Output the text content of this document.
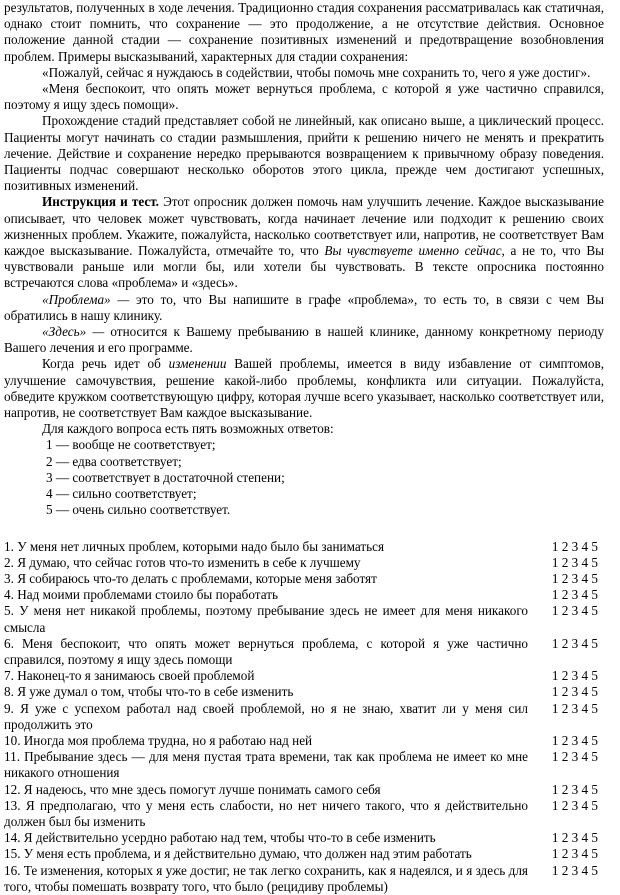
результатов, полученных в ходе лечения. Традиционно стадия сохранения рассматривалась как статичная, однако стоит помнить, что сохранение — это продолжение, а не отсутствие действия. Основное положение данной стадии — сохранение позитивных изменений и предотвращение возобновления проблем. Примеры высказываний, характерных для стадии сохранения:

«Пожалуй, сейчас я нуждаюсь в содействии, чтобы помочь мне сохранить то, чего я уже достиг».

«Меня беспокоит, что опять может вернуться проблема, с которой я уже частично справился, поэтому я ищу здесь помощи».

Прохождение стадий представляет собой не линейный, как описано выше, а циклический процесс. Пациенты могут начинать со стадии размышления, прийти к решению ничего не менять и прекратить лечение. Действие и сохранение нередко прерываются возвращением к привычному образу поведения. Пациенты подчас совершают несколько оборотов этого цикла, прежде чем достигают успешных, позитивных изменений.

Инструкция и тест. Этот опросник должен помочь нам улучшить лечение. Каждое высказывание описывает, что человек может чувствовать, когда начинает лечение или подходит к решению своих жизненных проблем. Укажите, пожалуйста, насколько соответствует или, напротив, не соответствует Вам каждое высказывание. Пожалуйста, отмечайте то, что Вы чувствуете именно сейчас, а не то, что Вы чувствовали раньше или могли бы, или хотели бы чувствовать. В тексте опросника постоянно встречаются слова «проблема» и «здесь».

«Проблема» — это то, что Вы напишите в графе «проблема», то есть то, в связи с чем Вы обратились в нашу клинику.

«Здесь» — относится к Вашему пребыванию в нашей клинике, данному конкретному периоду Вашего лечения и его программе.

Когда речь идет об изменении Вашей проблемы, имеется в виду избавление от симптомов, улучшение самочувствия, решение какой-либо проблемы, конфликта или ситуации. Пожалуйста, обведите кружком соответствующую цифру, которая лучше всего указывает, насколько соответствует или, напротив, не соответствует Вам каждое высказывание.

Для каждого вопроса есть пять возможных ответов:

1 — вообще не соответствует;
2 — едва соответствует;
3 — соответствует в достаточной степени;
4 — сильно соответствует;
5 — очень сильно соответствует.
1. У меня нет личных проблем, которыми надо было бы заниматься	1 2 3 4 5
2. Я думаю, что сейчас готов что-то изменить в себе к лучшему	1 2 3 4 5
3. Я собираюсь что-то делать с проблемами, которые меня заботят	1 2 3 4 5
4. Над моими проблемами стоило бы поработать	1 2 3 4 5
5. У меня нет никакой проблемы, поэтому пребывание здесь не имеет для меня никакого смысла
1 2 3 4 5
6. Меня беспокоит, что опять может вернуться проблема, с которой я уже частично справился, поэтому я ищу здесь помощи
1 2 3 4 5
7. Наконец-то я занимаюсь своей проблемой	1 2 3 4 5
8. Я уже думал о том, чтобы что-то в себе изменить	1 2 3 4 5
9. Я уже с успехом работал над своей проблемой, но я не знаю, хватит ли у меня сил продолжить это
1 2 3 4 5
10. Иногда моя проблема трудна, но я работаю над ней	1 2 3 4 5
11. Пребывание здесь — для меня пустая трата времени, так как проблема не имеет ко мне никакого отношения
1 2 3 4 5
12. Я надеюсь, что мне здесь помогут лучше понимать самого себя	1 2 3 4 5
13. Я предполагаю, что у меня есть слабости, но нет ничего такого, что я действительно должен был бы изменить
1 2 3 4 5
14. Я действительно усердно работаю над тем, чтобы что-то в себе изменить	1 2 3 4 5
15. У меня есть проблема, и я действительно думаю, что должен над этим работать	1 2 3 4 5
16. Те изменения, которых я уже достиг, не так легко сохранить, как я надеялся, и я здесь для того, чтобы помешать возврату того, что было (рецидиву проблемы)
1 2 3 4 5
